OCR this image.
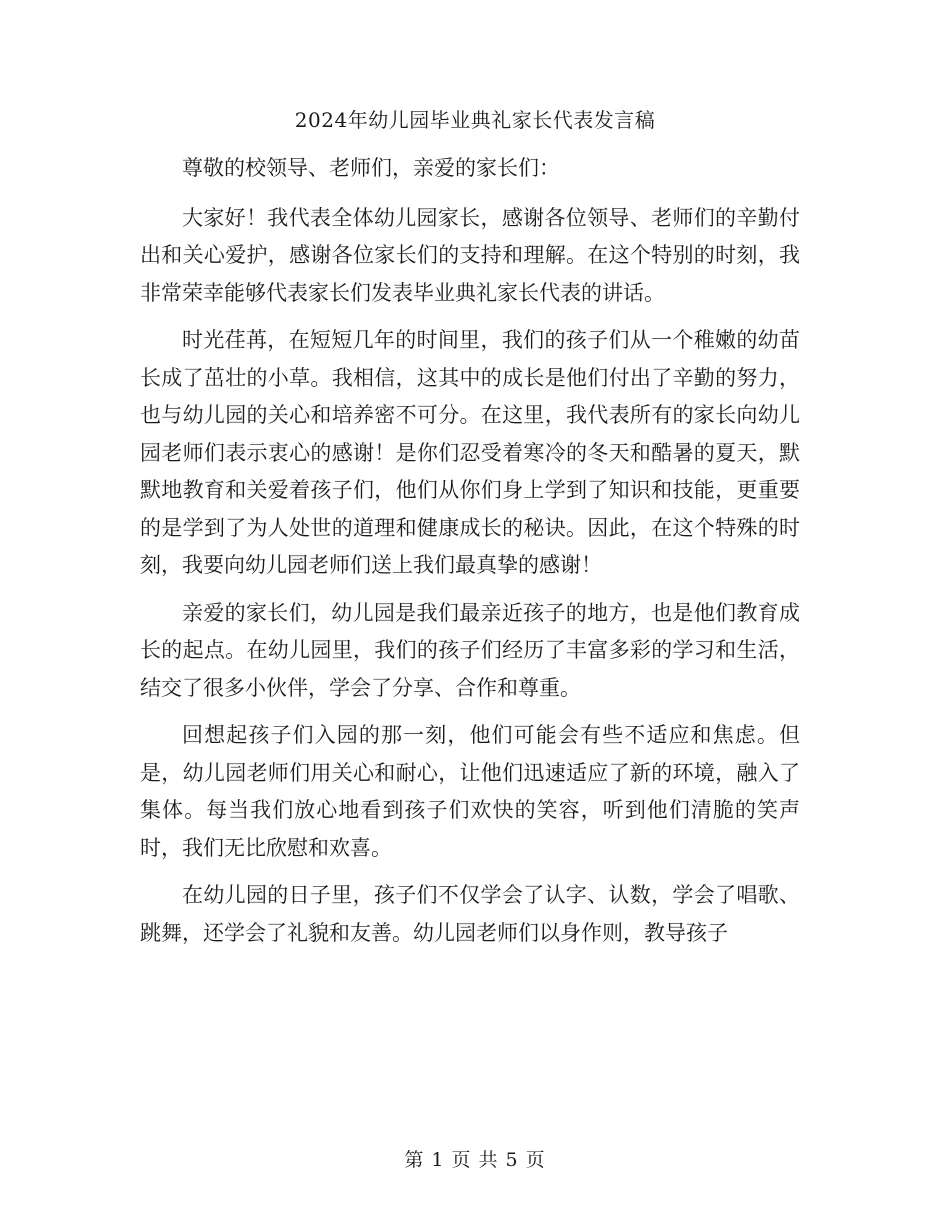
2024年幼儿园毕业典礼家长代表发言稿

尊敬的校领导、老师们，亲爱的家长们：

大家好！我代表全体幼儿园家长，感谢各位领导、老师们的辛勤付出和关心爱护，感谢各位家长们的支持和理解。在这个特别的时刻，我非常荣幸能够代表家长们发表毕业典礼家长代表的讲话。

时光荏苒，在短短几年的时间里，我们的孩子们从一个稚嫩的幼苗长成了茁壮的小草。我相信，这其中的成长是他们付出了辛勤的努力，也与幼儿园的关心和培养密不可分。在这里，我代表所有的家长向幼儿园老师们表示衷心的感谢！是你们忍受着寒冷的冬天和酷暑的夏天，默默地教育和关爱着孩子们，他们从你们身上学到了知识和技能，更重要的是学到了为人处世的道理和健康成长的秘诀。因此，在这个特殊的时刻，我要向幼儿园老师们送上我们最真挚的感谢！

亲爱的家长们，幼儿园是我们最亲近孩子的地方，也是他们教育成长的起点。在幼儿园里，我们的孩子们经历了丰富多彩的学习和生活，结交了很多小伙伴，学会了分享、合作和尊重。

回想起孩子们入园的那一刻，他们可能会有些不适应和焦虑。但是，幼儿园老师们用关心和耐心，让他们迅速适应了新的环境，融入了集体。每当我们放心地看到孩子们欢快的笑容，听到他们清脆的笑声时，我们无比欣慰和欢喜。

在幼儿园的日子里，孩子们不仅学会了认字、认数，学会了唱歌、跳舞，还学会了礼貌和友善。幼儿园老师们以身作则，教导孩子

第 1 页 共 5 页
